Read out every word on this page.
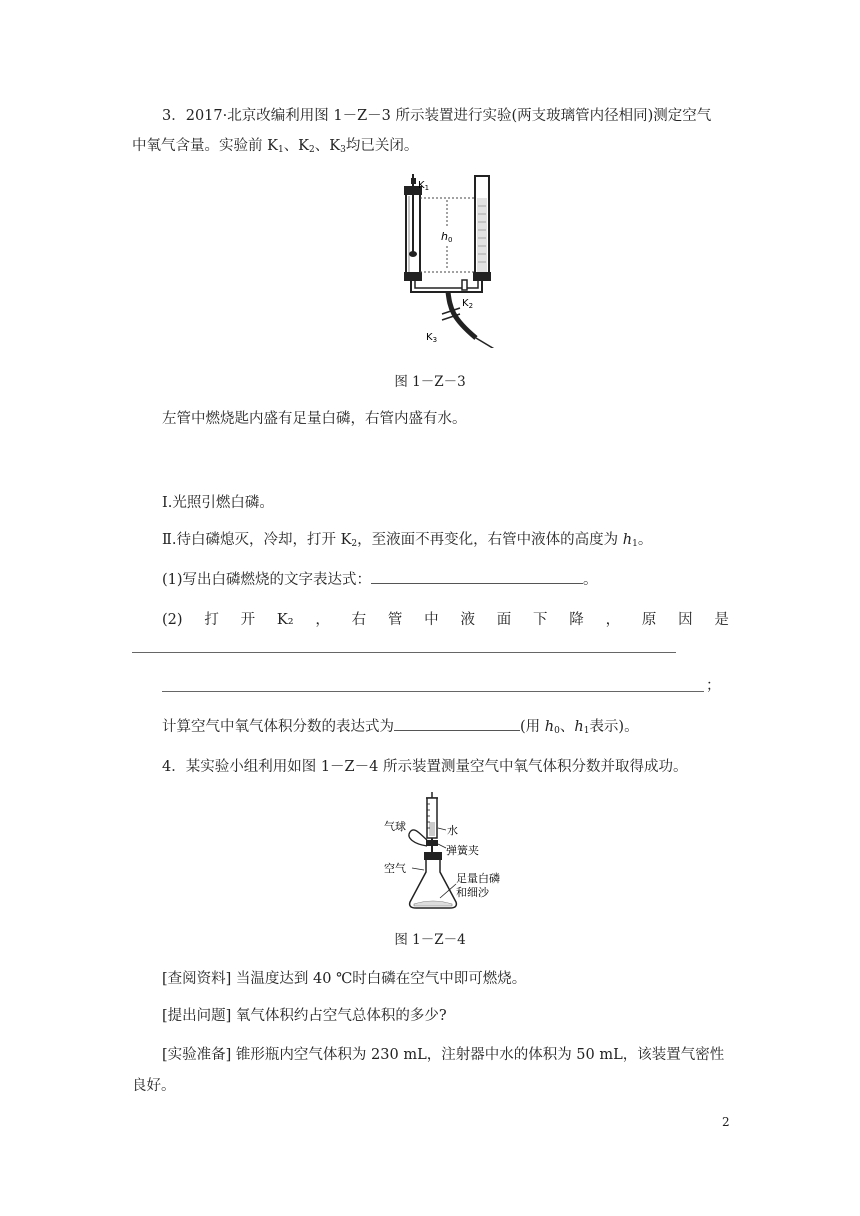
3．2017·北京改编利用图 1－Z－3 所示装置进行实验(两支玻璃管内径相同)测定空气
中氧气含量。实验前 $K_1$、$K_2$、$K_3$均已关闭。
$K_1$
h0
$K_2$
$K_3$
图 1－Z－3
左管中燃烧匙内盛有足量白磷，右管内盛有水。
Ⅰ.光照引燃白磷。
Ⅱ.待白磷熄灭，冷却，打开 $K_2$，至液面不再变化，右管中液体的高度为 $h_1$。
(1)写出白磷燃烧的文字表达式：	。
(2) 打 开 K₂ ， 右 管 中 液 面 下 降 ， 原 因 是
；
计算空气中氧气体积分数的表达式为	(用 $h_0$、$h_1$表示)。
4．某实验小组利用如图 1－Z－4 所示装置测量空气中氧气体积分数并取得成功。
气球	水
弹簧夹
空气
足量白磷
和细沙
图 1－Z－4
[查阅资料] 当温度达到 40 ℃时白磷在空气中即可燃烧。
[提出问题] 氧气体积约占空气总体积的多少?
[实验准备] 锥形瓶内空气体积为 230 mL，注射器中水的体积为 50 mL，该装置气密性
良好。
2
